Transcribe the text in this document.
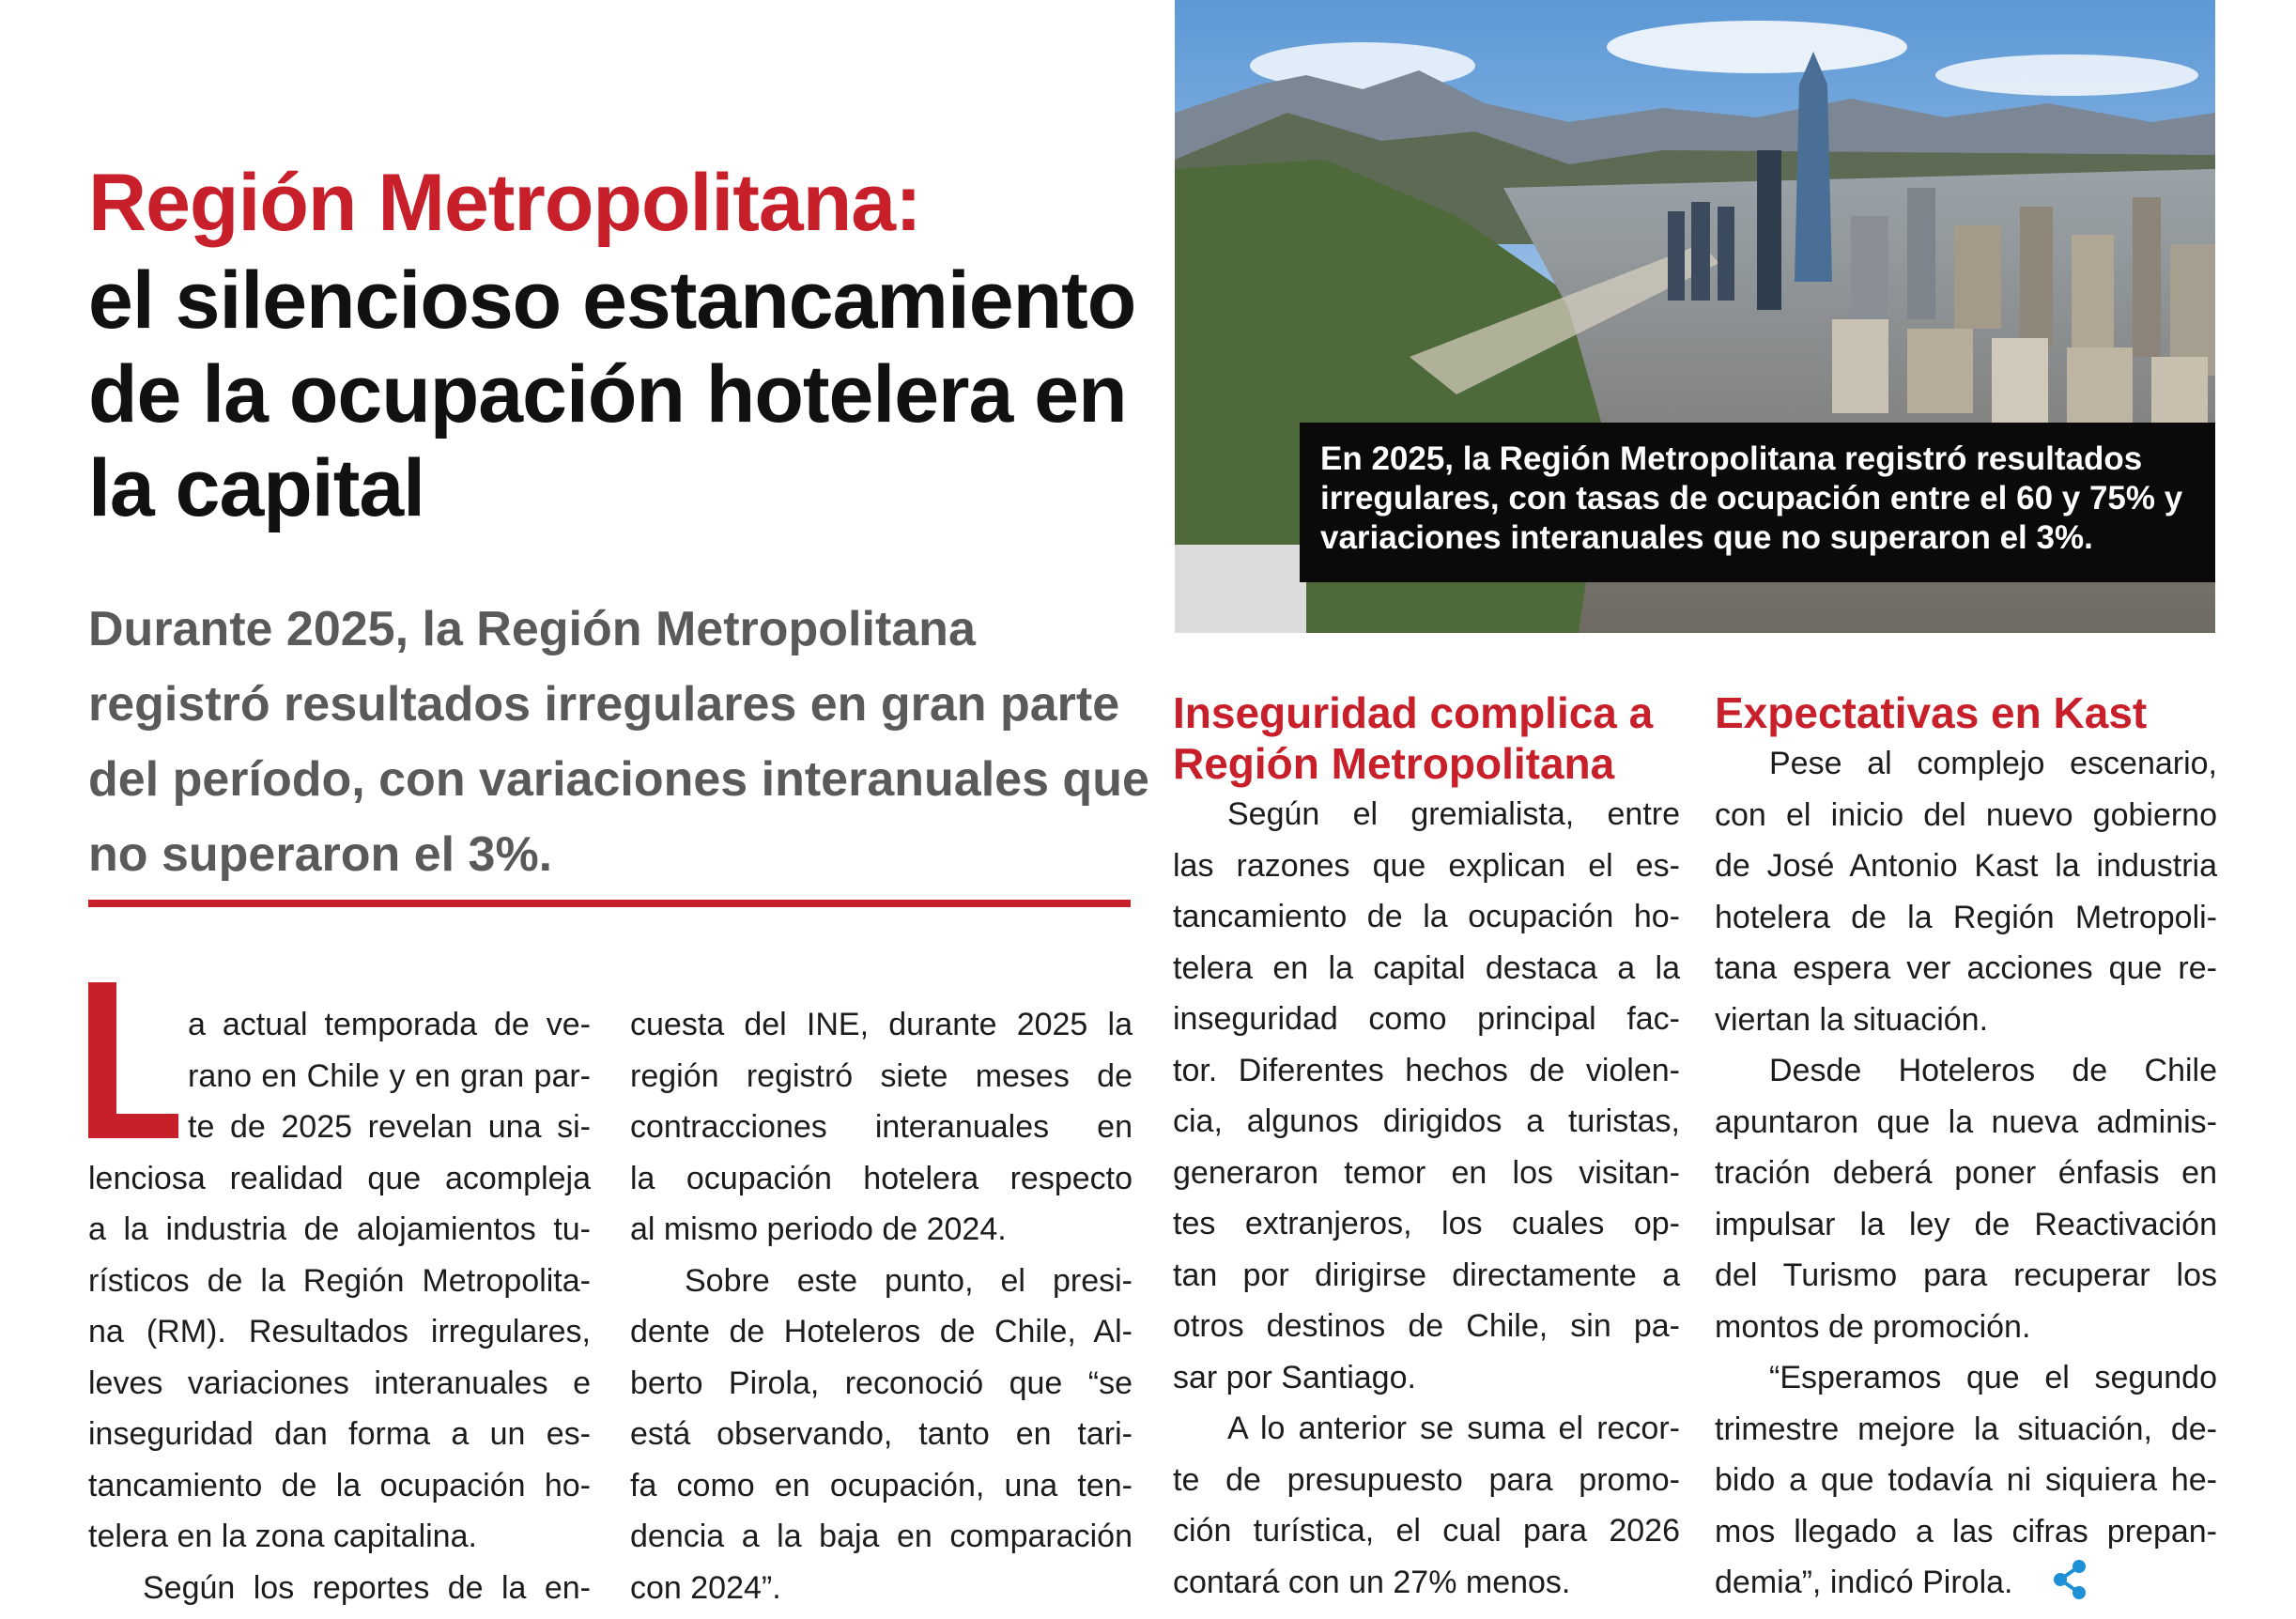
Región Metropolitana:
el silencioso estancamiento
de la ocupación hotelera en
la capital
Durante 2025, la Región Metropolitana
registró resultados irregulares en gran parte
del período, con variaciones interanuales que
no superaron el 3%.
En 2025, la Región Metropolitana registró resultados
irregulares, con tasas de ocupación entre el 60 y 75% y
variaciones interanuales que no superaron el 3%.
a actual temporada de ve-
rano en Chile y en gran par-
te de 2025 revelan una si-
lenciosa realidad que acompleja
a la industria de alojamientos tu-
rísticos de la Región Metropolita-
na (RM). Resultados irregulares,
leves variaciones interanuales e
inseguridad dan forma a un es-
tancamiento de la ocupación ho-
telera en la zona capitalina.
Según los reportes de la en-
cuesta del INE, durante 2025 la
región registró siete meses de
contracciones interanuales en
la ocupación hotelera respecto
al mismo periodo de 2024.
Sobre este punto, el presi-
dente de Hoteleros de Chile, Al-
berto Pirola, reconoció que “se
está observando, tanto en tari-
fa como en ocupación, una ten-
dencia a la baja en comparación
con 2024”.
Inseguridad complica a
Región Metropolitana
Según el gremialista, entre
las razones que explican el es-
tancamiento de la ocupación ho-
telera en la capital destaca a la
inseguridad como principal fac-
tor. Diferentes hechos de violen-
cia, algunos dirigidos a turistas,
generaron temor en los visitan-
tes extranjeros, los cuales op-
tan por dirigirse directamente a
otros destinos de Chile, sin pa-
sar por Santiago.
A lo anterior se suma el recor-
te de presupuesto para promo-
ción turística, el cual para 2026
contará con un 27% menos.
Expectativas en Kast
Pese al complejo escenario,
con el inicio del nuevo gobierno
de José Antonio Kast la industria
hotelera de la Región Metropoli-
tana espera ver acciones que re-
viertan la situación.
Desde Hoteleros de Chile
apuntaron que la nueva adminis-
tración deberá poner énfasis en
impulsar la ley de Reactivación
del Turismo para recuperar los
montos de promoción.
“Esperamos que el segundo
trimestre mejore la situación, de-
bido a que todavía ni siquiera he-
mos llegado a las cifras prepan-
demia”, indicó Pirola.
